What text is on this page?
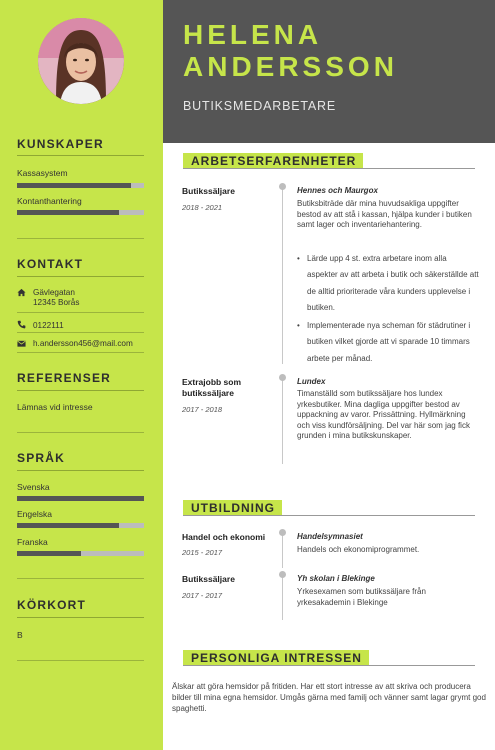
KUNSKAPER
Kassasystem
Kontanthantering
KONTAKT
Gävlegatan
12345 Borås
0122111
h.andersson456@mail.com
REFERENSER
Lämnas vid intresse
SPRÅK
Svenska
Engelska
Franska
KÖRKORT
B
HELENA
ANDERSSON
BUTIKSMEDARBETARE
ARBETSERFARENHETER
Butikssäljare
2018 - 2021
Hennes och Maurgox
Butiksbiträde där mina huvudsakliga uppgifter bestod av att stå i kassan, hjälpa kunder i butiken samt lager och inventariehantering.
• Lärde upp 4 st. extra arbetare inom alla aspekter av att arbeta i butik och säkerställde att de alltid prioriterade våra kunders upplevelse i butiken.
• Implementerade nya scheman för städrutiner i butiken vilket gjorde att vi sparade 10 timmars arbete per månad.
Extrajobb som butikssäljare
2017 - 2018
Lundex
Timanställd som butikssäljare hos lundex yrkesbutiker. Mina dagliga uppgifter bestod av uppackning av varor. Prissättning. Hyllmärkning och viss kundförsäljning. Del var här som jag fick grunden i mina butikskunskaper.
UTBILDNING
Handel och ekonomi
2015 - 2017
Handelsymnasiet
Handels och ekonomiprogrammet.
Butikssäljare
2017 - 2017
Yh skolan i Blekinge
Yrkesexamen som butikssäljare från yrkesakademin i Blekinge
PERSONLIGA INTRESSEN
Älskar att göra hemsidor på fritiden. Har ett stort intresse av att skriva och producera bilder till mina egna hemsidor. Umgås gärna med familj och vänner samt lagar grymt god spaghetti.
